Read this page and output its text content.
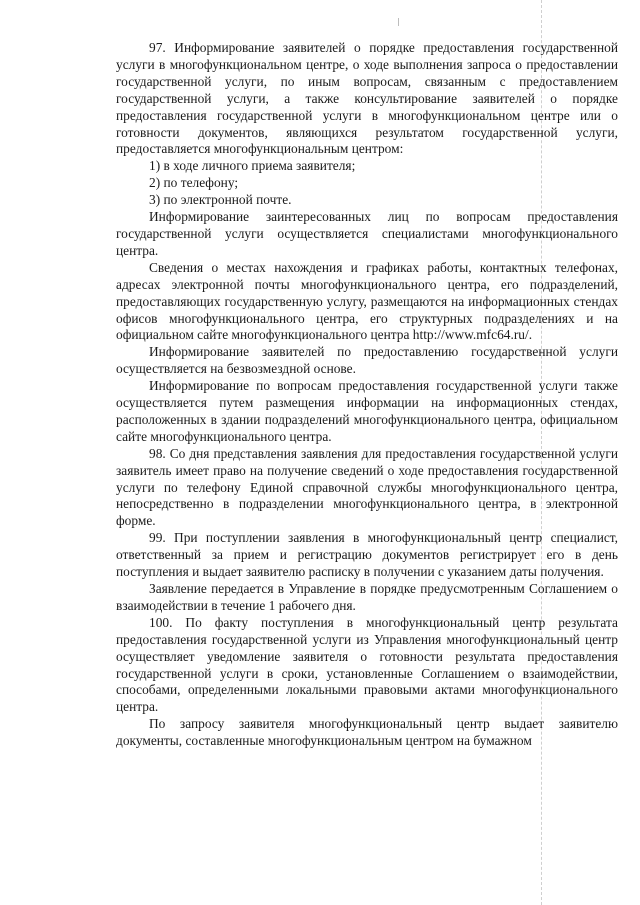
97. Информирование заявителей о порядке предоставления государственной услуги в многофункциональном центре, о ходе выполнения запроса о предоставлении государственной услуги, по иным вопросам, связанным с предоставлением государственной услуги, а также консультирование заявителей о порядке предоставления государственной услуги в многофункциональном центре или о готовности документов, являющихся результатом государственной услуги, предоставляется многофункциональным центром:

1) в ходе личного приема заявителя;

2) по телефону;

3) по электронной почте.

Информирование заинтересованных лиц по вопросам предоставления государственной услуги осуществляется специалистами многофункционального центра.

Сведения о местах нахождения и графиках работы, контактных телефонах, адресах электронной почты многофункционального центра, его подразделений, предоставляющих государственную услугу, размещаются на информационных стендах офисов многофункционального центра, его структурных подразделениях и на официальном сайте многофункционального центра http://www.mfc64.ru/.

Информирование заявителей по предоставлению государственной услуги осуществляется на безвозмездной основе.

Информирование по вопросам предоставления государственной услуги также осуществляется путем размещения информации на информационных стендах, расположенных в здании подразделений многофункционального центра, официальном сайте многофункционального центра.

98. Со дня представления заявления для предоставления государственной услуги заявитель имеет право на получение сведений о ходе предоставления государственной услуги по телефону Единой справочной службы многофункционального центра, непосредственно в подразделении многофункционального центра, в электронной форме.

99. При поступлении заявления в многофункциональный центр специалист, ответственный за прием и регистрацию документов регистрирует его в день поступления и выдает заявителю расписку в получении с указанием даты получения.

Заявление передается в Управление в порядке предусмотренным Соглашением о взаимодействии в течение 1 рабочего дня.

100. По факту поступления в многофункциональный центр результата предоставления государственной услуги из Управления многофункциональный центр осуществляет уведомление заявителя о готовности результата предоставления государственной услуги в сроки, установленные Соглашением о взаимодействии, способами, определенными локальными правовыми актами многофункционального центра.

По запросу заявителя многофункциональный центр выдает заявителю документы, составленные многофункциональным центром на бумажном
